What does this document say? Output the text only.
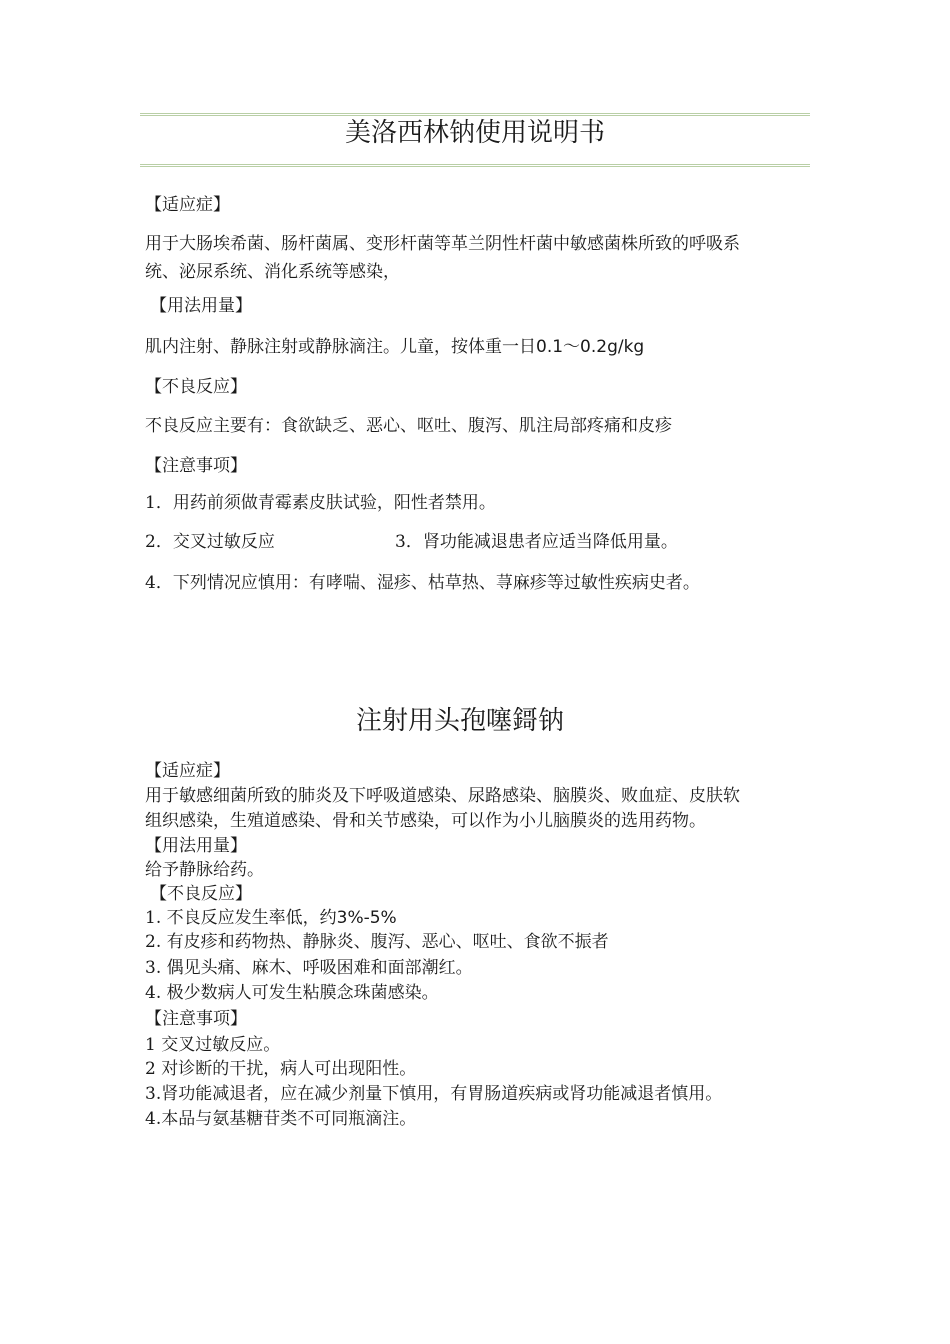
美洛西林钠使用说明书

【适应症】

用于大肠埃希菌、肠杆菌属、变形杆菌等革兰阴性杆菌中敏感菌株所致的呼吸系

统、泌尿系统、消化系统等感染，

【用法用量】

肌内注射、静脉注射或静脉滴注。儿童，按体重一日0.1～0.2g/kg

【不良反应】

不良反应主要有：食欲缺乏、恶心、呕吐、腹泻、肌注局部疼痛和皮疹

【注意事项】

1．用药前须做青霉素皮肤试验，阳性者禁用。

2．交叉过敏反应	3．肾功能减退患者应适当降低用量。

4．下列情况应慎用：有哮喘、湿疹、枯草热、荨麻疹等过敏性疾病史者。

注射用头孢噻鎶钠

【适应症】

用于敏感细菌所致的肺炎及下呼吸道感染、尿路感染、脑膜炎、败血症、皮肤软

组织感染，生殖道感染、骨和关节感染，可以作为小儿脑膜炎的选用药物。

【用法用量】

给予静脉给药。

【不良反应】

1. 不良反应发生率低，约3%-5%

2. 有皮疹和药物热、静脉炎、腹泻、恶心、呕吐、食欲不振者

3. 偶见头痛、麻木、呼吸困难和面部潮红。

4. 极少数病人可发生粘膜念珠菌感染。

【注意事项】

1 交叉过敏反应。

2 对诊断的干扰，病人可出现阳性。

3.肾功能减退者，应在减少剂量下慎用，有胃肠道疾病或肾功能减退者慎用。

4.本品与氨基糖苷类不可同瓶滴注。
